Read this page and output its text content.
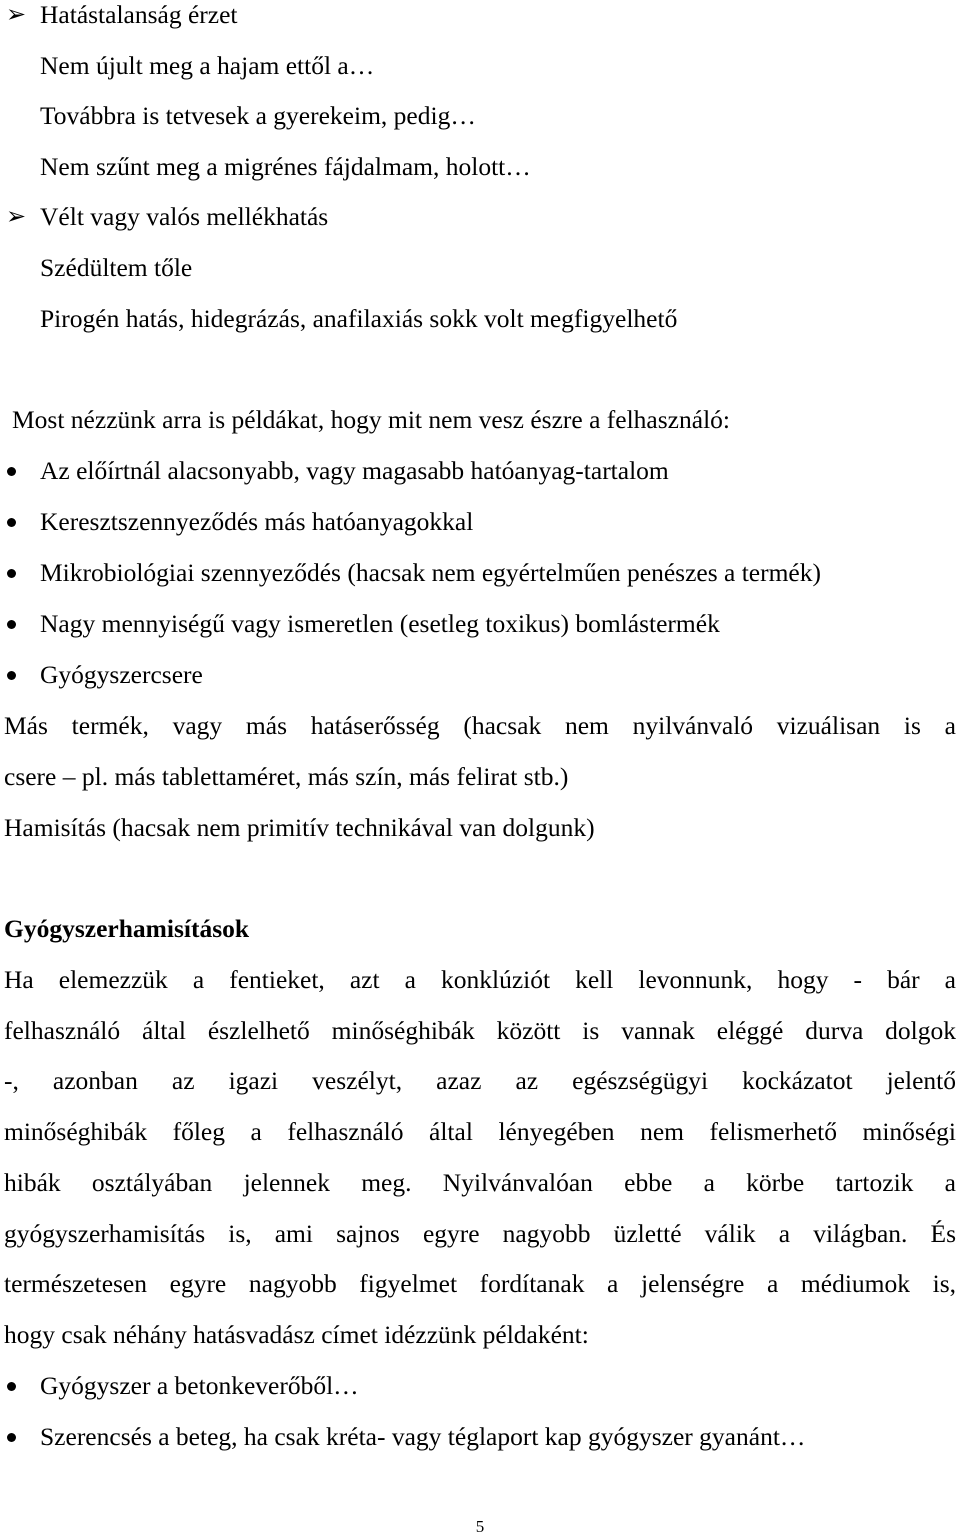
➢ Hatástalanság érzet

Nem újult meg a hajam ettől a…

Továbbra is tetvesek a gyerekeim, pedig…

Nem szűnt meg a migrénes fájdalmam, holott…

➢ Vélt vagy valós mellékhatás

Szédültem tőle

Pirogén hatás, hidegrázás, anafilaxiás sokk volt megfigyelhető

Most nézzünk arra is példákat, hogy mit nem vesz észre a felhasználó:

Az előírtnál alacsonyabb, vagy magasabb hatóanyag-tartalom

Keresztszennyeződés más hatóanyagokkal

Mikrobiológiai szennyeződés (hacsak nem egyértelműen penészes a termék)

Nagy mennyiségű vagy ismeretlen (esetleg toxikus) bomlástermék

Gyógyszercsere

Más termék, vagy más hatáserősség (hacsak nem nyilvánvaló vizuálisan is a

csere – pl. más tablettaméret, más szín, más felirat stb.)

Hamisítás (hacsak nem primitív technikával van dolgunk)

Gyógyszerhamisítások

Ha elemezzük a fentieket, azt a konklúziót kell levonnunk, hogy - bár a

felhasználó által észlelhető minőséghibák között is vannak eléggé durva dolgok

-, azonban az igazi veszélyt, azaz az egészségügyi kockázatot jelentő

minőséghibák főleg a felhasználó által lényegében nem felismerhető minőségi

hibák osztályában jelennek meg. Nyilvánvalóan ebbe a körbe tartozik a

gyógyszerhamisítás is, ami sajnos egyre nagyobb üzletté válik a világban. És

természetesen egyre nagyobb figyelmet fordítanak a jelenségre a médiumok is,

hogy csak néhány hatásvadász címet idézzünk példaként:

Gyógyszer a betonkeverőből…

Szerencsés a beteg, ha csak kréta- vagy téglaport kap gyógyszer gyanánt…

5
